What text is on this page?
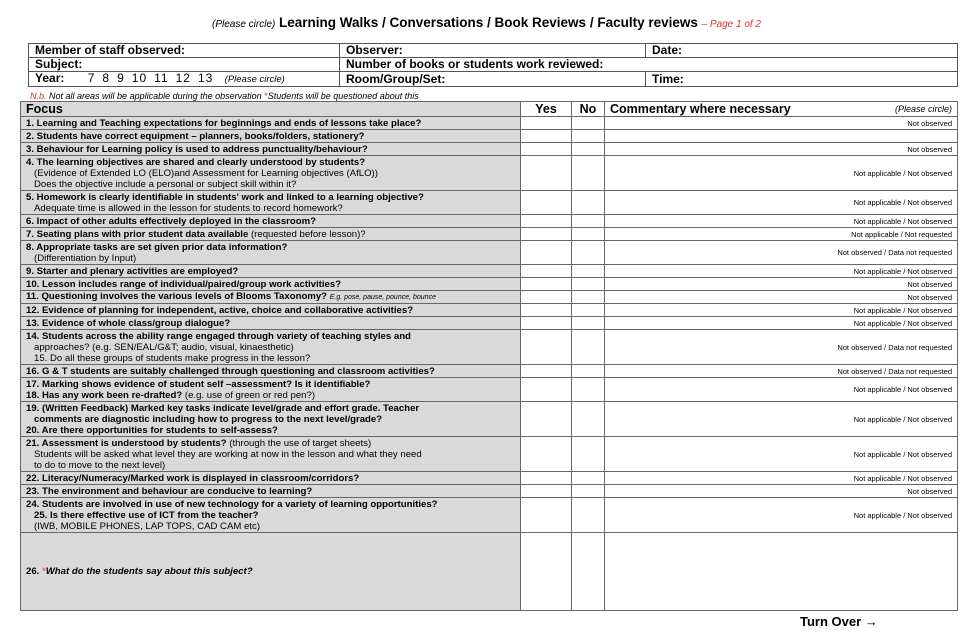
(Please circle) Learning Walks / Conversations / Book Reviews / Faculty reviews – Page 1 of 2
Member of staff observed:	Observer:	Date:
Subject:	Number of books or students work reviewed:	
Year: 7 8 9 10 11 12 13 (Please circle)	Room/Group/Set:	Time:
N.b. Not all areas will be applicable during the observation *Students will be questioned about this
Focus	Yes	No	Commentary where necessary (Please circle)

1. Learning and Teaching expectations for beginnings and ends of lessons take place?			Not observed
2. Students have correct equipment – planners, books/folders, stationery?			
3. Behaviour for Learning policy is used to address punctuality/behaviour?			Not observed
4. The learning objectives are shared and clearly understood by students?
(Evidence of Extended LO (ELO)and Assessment for Learning objectives (AfLO))
Does the objective include a personal or subject skill within it?			Not applicable / Not observed
5. Homework is clearly identifiable in students' work and linked to a learning objective?
Adequate time is allowed in the lesson for students to record homework?			Not applicable / Not observed
6. Impact of other adults effectively deployed in the classroom?			Not applicable / Not observed
7. Seating plans with prior student data available (requested before lesson)?			Not applicable / Not requested
8. Appropriate tasks are set given prior data information?
(Differentiation by Input)			Not observed / Data not requested
9. Starter and plenary activities are employed?			Not applicable / Not observed
10. Lesson includes range of individual/paired/group work activities?			Not observed
11. Questioning involves the various levels of Blooms Taxonomy? E.g. pose, pause, pounce, bounce			Not observed
12. Evidence of planning for independent, active, choice and collaborative activities?			Not applicable / Not observed
13. Evidence of whole class/group dialogue?			Not applicable / Not observed
14. Students across the ability range engaged through variety of teaching styles and
approaches? (e.g. SEN/EAL/G&T; audio, visual, kinaesthetic)
15. Do all these groups of students make progress in the lesson?			Not observed / Data not requested
16. G & T students are suitably challenged through questioning and classroom activities?			Not observed / Data not requested
17. Marking shows evidence of student self –assessment? Is it identifiable?
18. Has any work been re-drafted? (e.g. use of green or red pen?)			Not applicable / Not observed
19. (Written Feedback) Marked key tasks indicate level/grade and effort grade. Teacher
comments are diagnostic including how to progress to the next level/grade?
20. Are there opportunities for students to self-assess?			Not applicable / Not observed
21. Assessment is understood by students? (through the use of target sheets)
Students will be asked what level they are working at now in the lesson and what they need
to do to move to the next level)			Not applicable / Not observed
22. Literacy/Numeracy/Marked work is displayed in classroom/corridors?			Not applicable / Not observed
23. The environment and behaviour are conducive to learning?			Not observed
24. Students are involved in use of new technology for a variety of learning opportunities?
25. Is there effective use of ICT from the teacher?
(IWB, MOBILE PHONES, LAP TOPS, CAD CAM etc)			Not applicable / Not observed
26. *What do the students say about this subject?			
Turn Over →
